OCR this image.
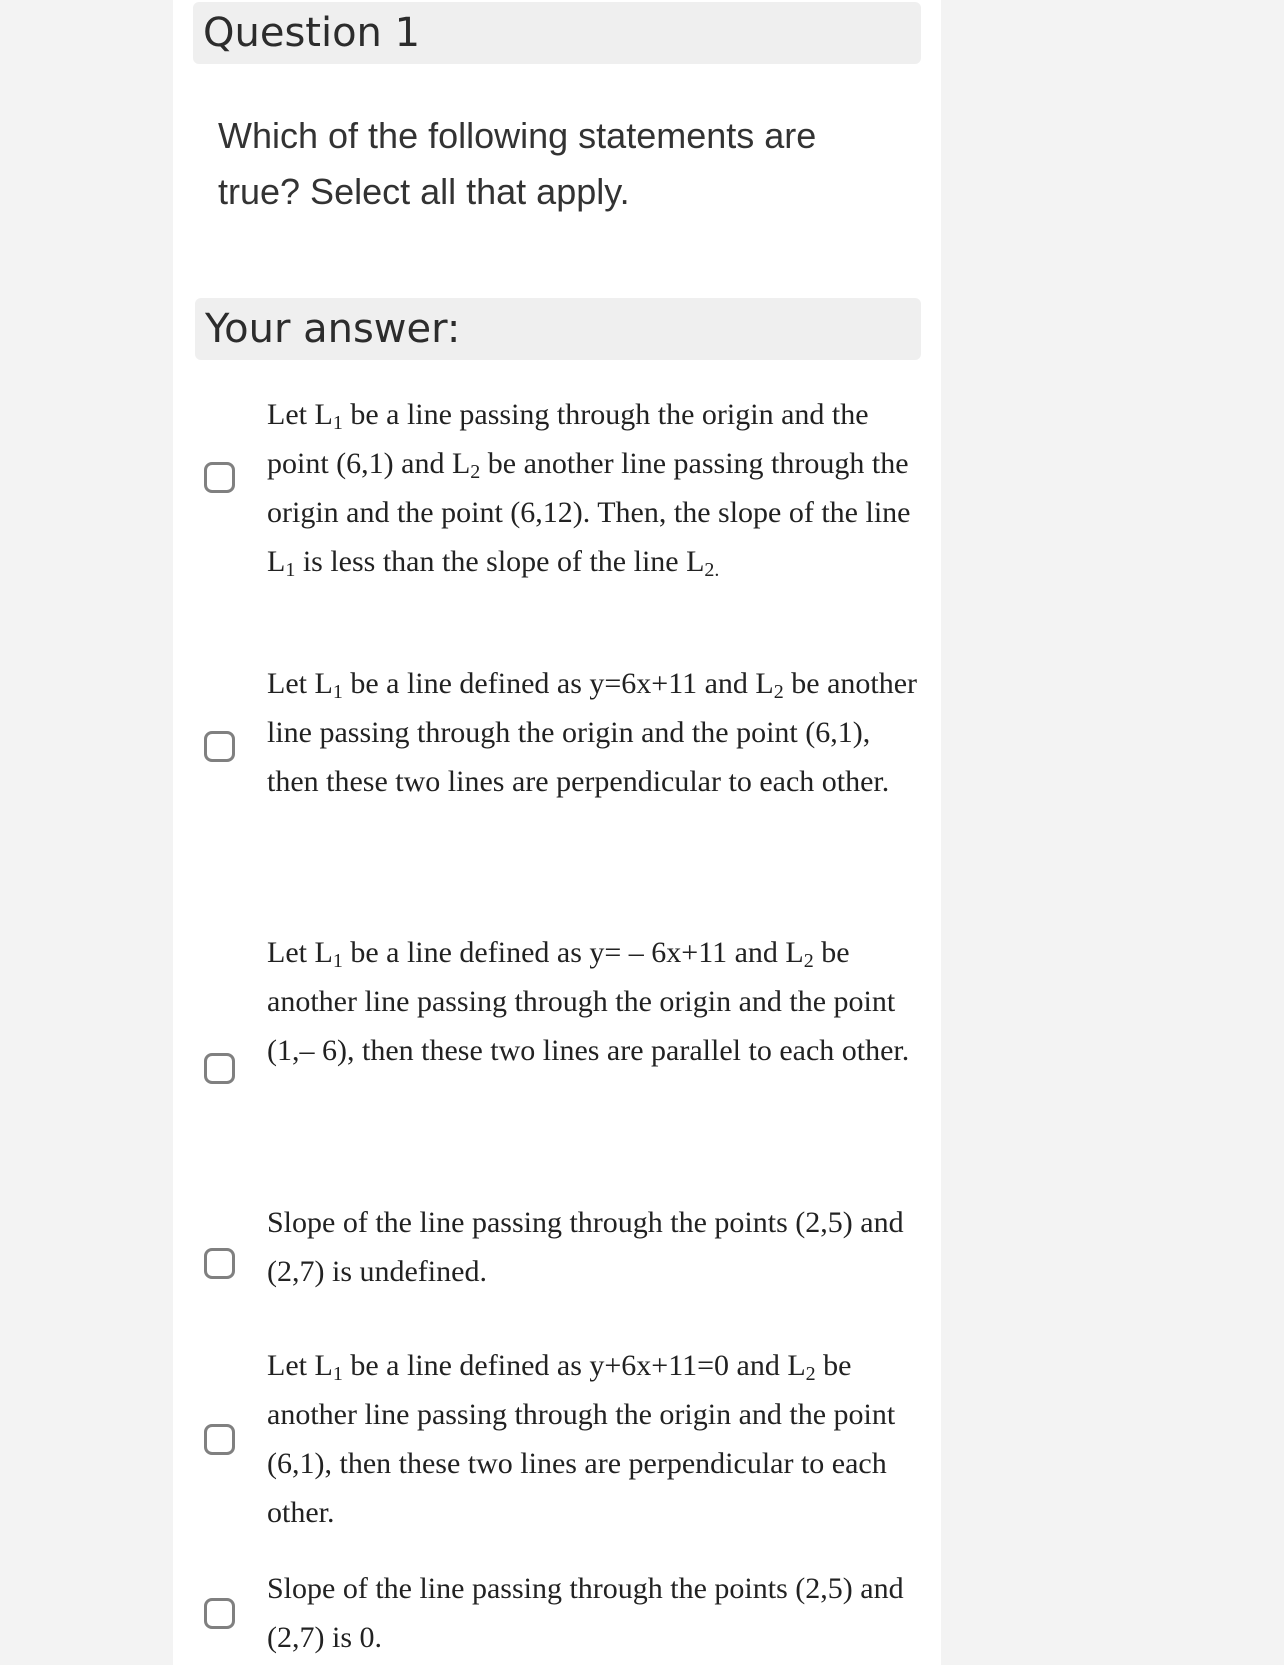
Question 1
Which of the following statements are true? Select all that apply.
Your answer:
Let $L_1$ be a line passing through the origin and the point (6,1) and $L_2$ be another line passing through the origin and the point (6,12). Then, the slope of the line $L_1$ is less than the slope of the line $L_{2.}$
Let $L_1$ be a line defined as y=6x+11 and $L_2$ be another line passing through the origin and the point (6,1), then these two lines are perpendicular to each other.
Let $L_1$ be a line defined as y= – 6x+11 and $L_2$ be another line passing through the origin and the point (1,– 6), then these two lines are parallel to each other.
Slope of the line passing through the points (2,5) and (2,7) is undefined.
Let $L_1$ be a line defined as y+6x+11=0 and $L_2$ be another line passing through the origin and the point (6,1), then these two lines are perpendicular to each other.
Slope of the line passing through the points (2,5) and (2,7) is 0.
